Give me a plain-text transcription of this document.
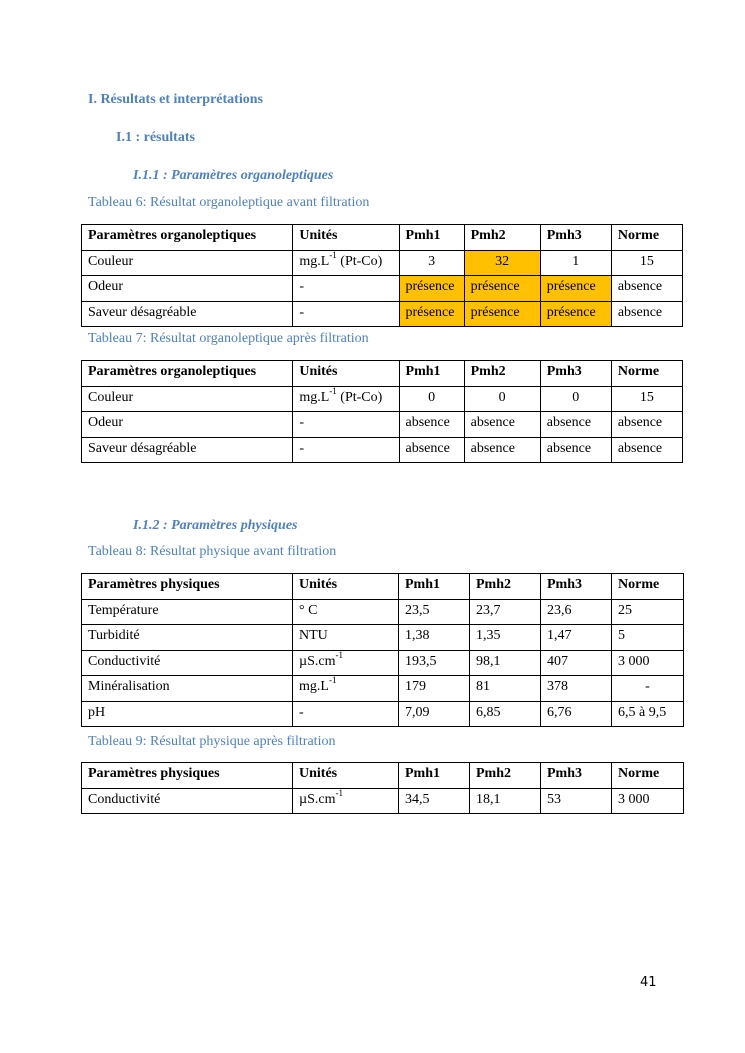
I. Résultats et interprétations
I.1 : résultats
I.1.1 : Paramètres organoleptiques
Tableau 6: Résultat organoleptique avant filtration
Paramètres organoleptiques	Unités	Pmh1	Pmh2	Pmh3	Norme
Couleur	$mg.L^{-1}$ (Pt-Co)	3	32	1	15
Odeur	-	présence	présence	présence	absence
Saveur désagréable	-	présence	présence	présence	absence
Tableau 7: Résultat organoleptique après filtration
Paramètres organoleptiques	Unités	Pmh1	Pmh2	Pmh3	Norme
Couleur	$mg.L^{-1}$ (Pt-Co)	0	0	0	15
Odeur	-	absence	absence	absence	absence
Saveur désagréable	-	absence	absence	absence	absence
I.1.2 : Paramètres physiques
Tableau 8: Résultat physique avant filtration
Paramètres physiques	Unités	Pmh1	Pmh2	Pmh3	Norme
Température	° C	23,5	23,7	23,6	25
Turbidité	NTU	1,38	1,35	1,47	5
Conductivité	$\mu S.cm^{-1}$	193,5	98,1	407	3 000
Minéralisation	$mg.L^{-1}$	179	81	378	-
pH	-	7,09	6,85	6,76	6,5 à 9,5
Tableau 9: Résultat physique après filtration
Paramètres physiques	Unités	Pmh1	Pmh2	Pmh3	Norme
Conductivité	$\mu S.cm^{-1}$	34,5	18,1	53	3 000
41
